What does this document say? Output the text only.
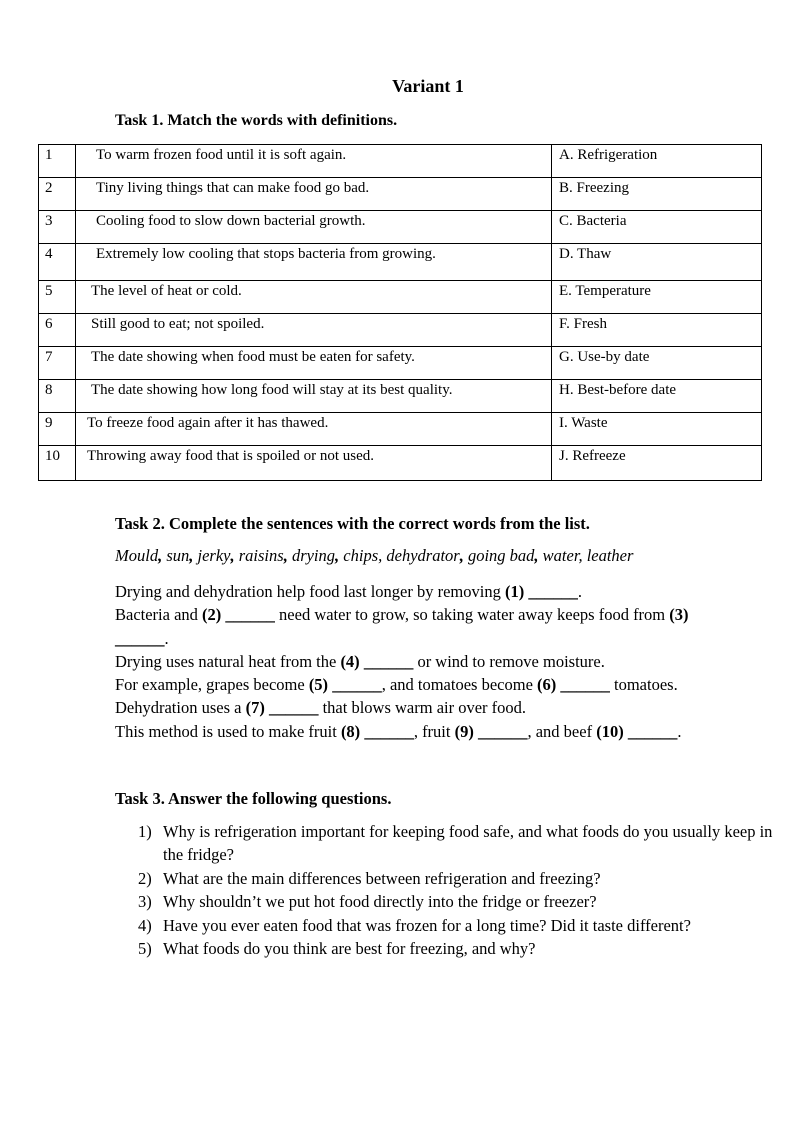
Variant 1
Task 1. Match the words with definitions.
1	To warm frozen food until it is soft again.	A. Refrigeration
2	Tiny living things that can make food go bad.	B. Freezing
3	Cooling food to slow down bacterial growth.	C. Bacteria
4	Extremely low cooling that stops bacteria from growing.	D. Thaw
5	The level of heat or cold.	E. Temperature
6	Still good to eat; not spoiled.	F. Fresh
7	The date showing when food must be eaten for safety.	G. Use-by date
8	The date showing how long food will stay at its best quality.	H. Best-before date
9	To freeze food again after it has thawed.	I. Waste
10	Throwing away food that is spoiled or not used.	J. Refreeze
Task 2. Complete the sentences with the correct words from the list.
Mould, sun, jerky, raisins, drying, chips, dehydrator, going bad, water, leather
Drying and dehydration help food last longer by removing (1) ______.
Bacteria and (2) ______ need water to grow, so taking water away keeps food from (3) ______.
Drying uses natural heat from the (4) ______ or wind to remove moisture.
For example, grapes become (5) ______, and tomatoes become (6) ______ tomatoes.
Dehydration uses a (7) ______ that blows warm air over food.
This method is used to make fruit (8) ______, fruit (9) ______, and beef (10) ______.
Task 3. Answer the following questions.
1) Why is refrigeration important for keeping food safe, and what foods do you usually keep in the fridge?
2) What are the main differences between refrigeration and freezing?
3) Why shouldn’t we put hot food directly into the fridge or freezer?
4) Have you ever eaten food that was frozen for a long time? Did it taste different?
5) What foods do you think are best for freezing, and why?
